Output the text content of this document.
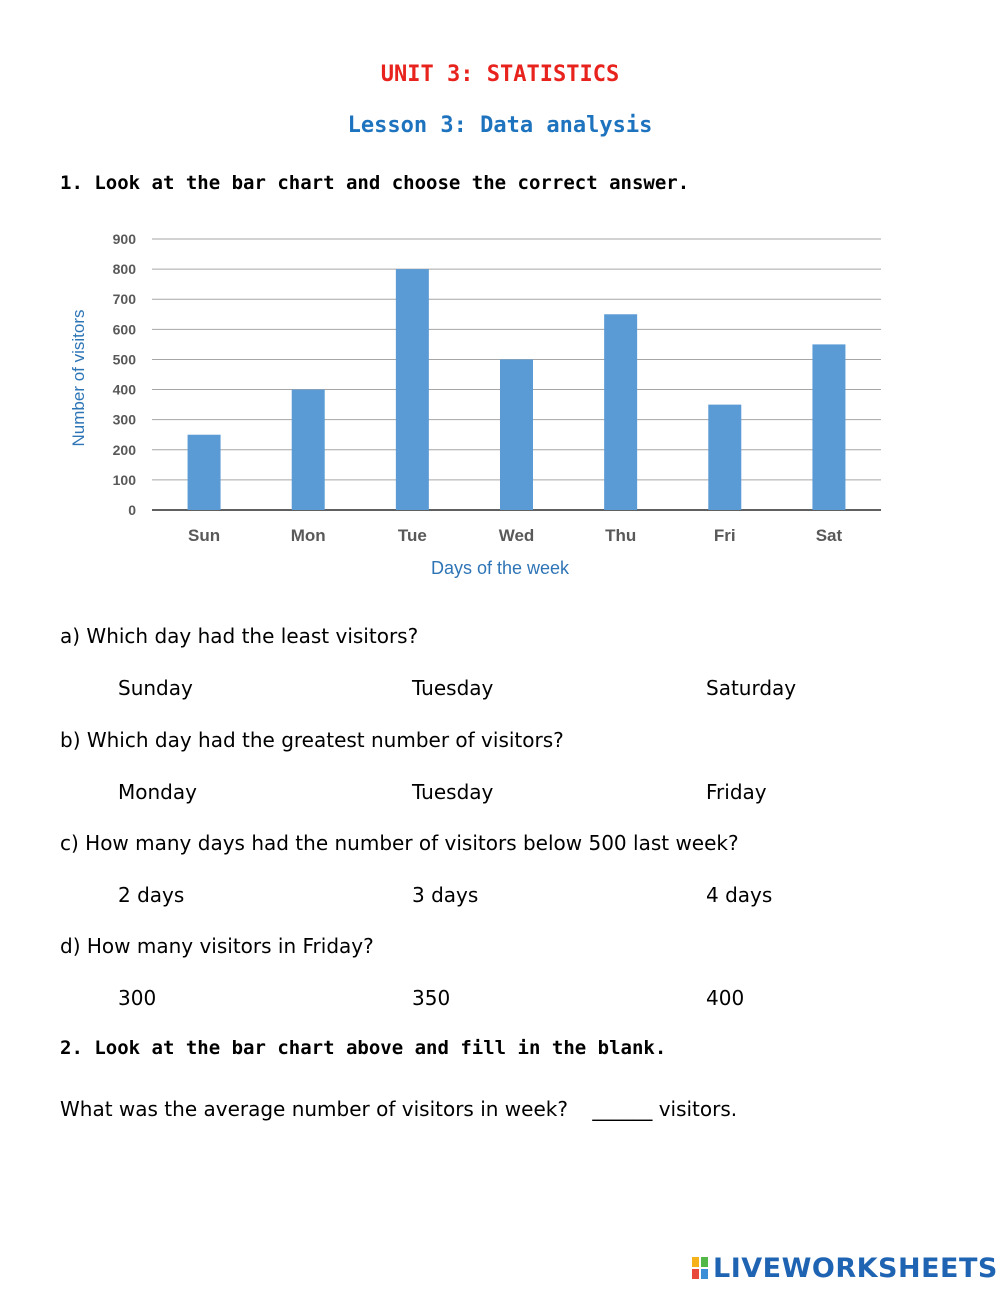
UNIT 3: STATISTICS
Lesson 3: Data analysis
1. Look at the bar chart and choose the correct answer.
0
100
200
300
400
500
600
700
800
900
Sun	Mon	Tue	Wed	Thu	Fri	Sat
Number of visitors
Days of the week
a) Which day had the least visitors?
Sunday	Tuesday	Saturday
b) Which day had the greatest number of visitors?
Monday	Tuesday	Friday
c) How many days had the number of visitors below 500 last week?
2 days	3 days	4 days
d) How many visitors in Friday?
300	350	400
2. Look at the bar chart above and fill in the blank.
What was the average number of visitors in week? ______ visitors.
LIVEWORKSHEETS
